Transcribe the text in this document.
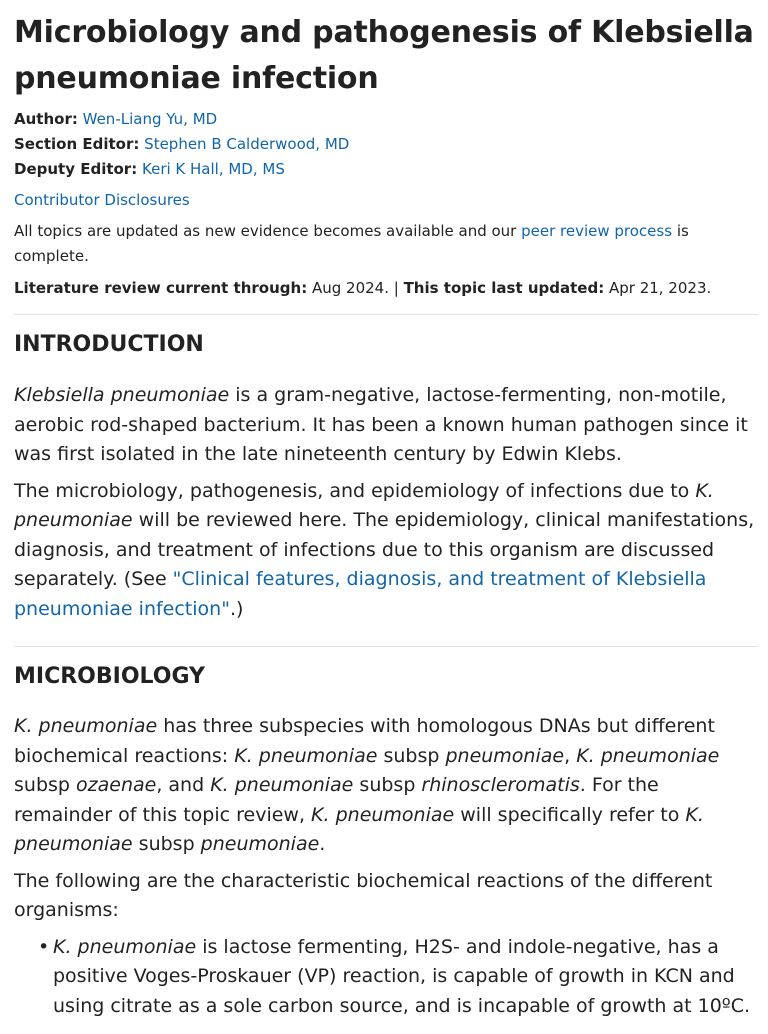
Microbiology and pathogenesis of Klebsiella pneumoniae infection
Author: Wen-Liang Yu, MD
Section Editor: Stephen B Calderwood, MD
Deputy Editor: Keri K Hall, MD, MS
Contributor Disclosures
All topics are updated as new evidence becomes available and our peer review process is complete.
Literature review current through: Aug 2024. | This topic last updated: Apr 21, 2023.
INTRODUCTION

Klebsiella pneumoniae is a gram-negative, lactose-fermenting, non-motile, aerobic rod-shaped bacterium. It has been a known human pathogen since it was first isolated in the late nineteenth century by Edwin Klebs.

The microbiology, pathogenesis, and epidemiology of infections due to K. pneumoniae will be reviewed here. The epidemiology, clinical manifestations, diagnosis, and treatment of infections due to this organism are discussed separately. (See "Clinical features, diagnosis, and treatment of Klebsiella pneumoniae infection".)

MICROBIOLOGY

K. pneumoniae has three subspecies with homologous DNAs but different biochemical reactions: K. pneumoniae subsp pneumoniae, K. pneumoniae subsp ozaenae, and K. pneumoniae subsp rhinoscleromatis. For the remainder of this topic review, K. pneumoniae will specifically refer to K. pneumoniae subsp pneumoniae.

The following are the characteristic biochemical reactions of the different organisms:

• K. pneumoniae is lactose fermenting, H2S- and indole-negative, has a positive Voges-Proskauer (VP) reaction, is capable of growth in KCN and using citrate as a sole carbon source, and is incapable of growth at 10ºC.
